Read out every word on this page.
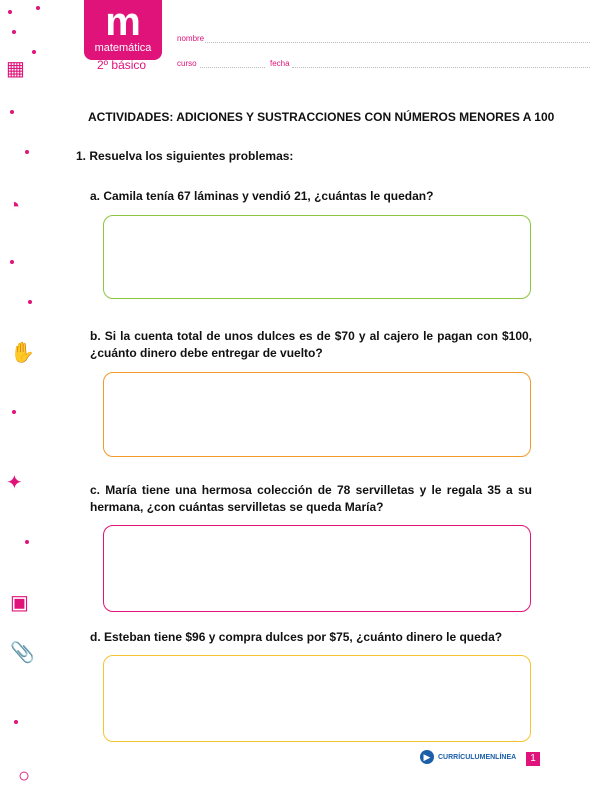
m
matemática
2º básico
nombre
curso	fecha
▦
◔
✋
✦
▣
📎
○
ACTIVIDADES: ADICIONES Y SUSTRACCIONES CON NÚMEROS MENORES A 100
1. Resuelva los siguientes problemas:
a. Camila tenía 67 láminas y vendió 21, ¿cuántas le quedan?
b. Si la cuenta total de unos dulces es de $70 y al cajero le pagan con $100, ¿cuánto dinero debe entregar de vuelto?
c. María tiene una hermosa colección de 78 servilletas y le regala 35 a su hermana, ¿con cuántas servilletas se queda María?
d. Esteban tiene $96 y compra dulces por $75, ¿cuánto dinero le queda?
▶	CURRÍCULUMENLÍNEA	1
